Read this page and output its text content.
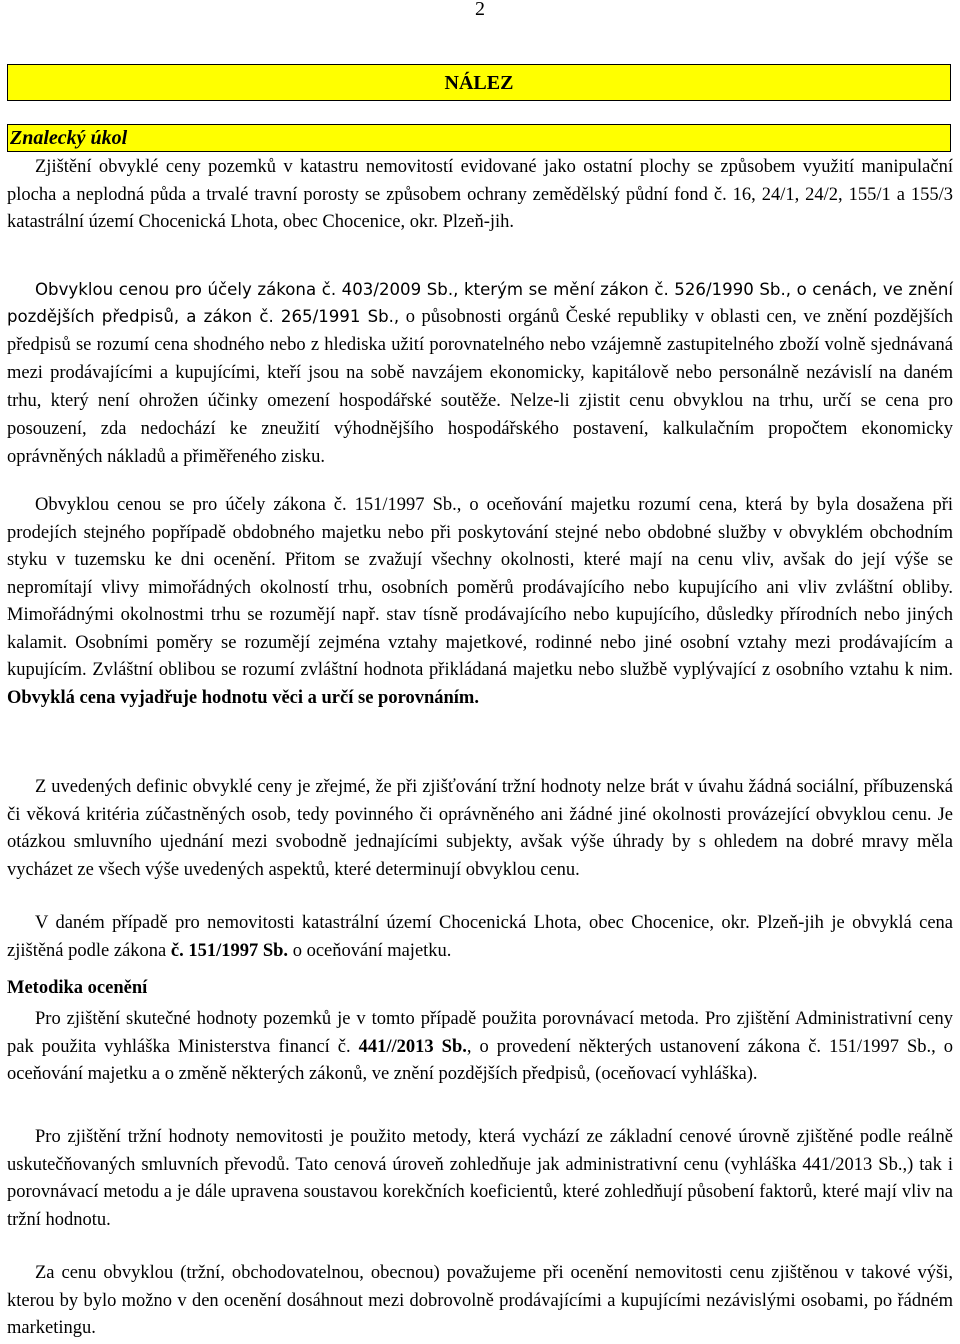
2
NÁLEZ
Znalecký úkol

Zjištění obvyklé ceny pozemků v katastru nemovitostí evidované jako ostatní plochy se způsobem využití manipulační plocha a neplodná půda a trvalé travní porosty se způsobem ochrany zemědělský půdní fond č. 16, 24/1, 24/2, 155/1 a 155/3 katastrální území Chocenická Lhota, obec Chocenice, okr. Plzeň-jih.

Obvyklou cenou pro účely zákona č. 403/2009 Sb., kterým se mění zákon č. 526/1990 Sb., o cenách, ve znění pozdějších předpisů, a zákon č. 265/1991 Sb., o působnosti orgánů České republiky v oblasti cen, ve znění pozdějších předpisů se rozumí cena shodného nebo z hlediska užití porovnatelného nebo vzájemně zastupitelného zboží volně sjednávaná mezi prodávajícími a kupujícími, kteří jsou na sobě navzájem ekonomicky, kapitálově nebo personálně nezávislí na daném trhu, který není ohrožen účinky omezení hospodářské soutěže. Nelze-li zjistit cenu obvyklou na trhu, určí se cena pro posouzení, zda nedochází ke zneužití výhodnějšího hospodářského postavení, kalkulačním propočtem ekonomicky oprávněných nákladů a přiměřeného zisku.

Obvyklou cenou se pro účely zákona č. 151/1997 Sb., o oceňování majetku rozumí cena, která by byla dosažena při prodejích stejného popřípadě obdobného majetku nebo při poskytování stejné nebo obdobné služby v obvyklém obchodním styku v tuzemsku ke dni ocenění. Přitom se zvažují všechny okolnosti, které mají na cenu vliv, avšak do její výše se nepromítají vlivy mimořádných okolností trhu, osobních poměrů prodávajícího nebo kupujícího ani vliv zvláštní obliby. Mimořádnými okolnostmi trhu se rozumějí např. stav tísně prodávajícího nebo kupujícího, důsledky přírodních nebo jiných kalamit. Osobními poměry se rozumějí zejména vztahy majetkové, rodinné nebo jiné osobní vztahy mezi prodávajícím a kupujícím. Zvláštní oblibou se rozumí zvláštní hodnota přikládaná majetku nebo službě vyplývající z osobního vztahu k nim. Obvyklá cena vyjadřuje hodnotu věci a určí se porovnáním.

Z uvedených definic obvyklé ceny je zřejmé, že při zjišťování tržní hodnoty nelze brát v úvahu žádná sociální, příbuzenská či věková kritéria zúčastněných osob, tedy povinného či oprávněného ani žádné jiné okolnosti provázející obvyklou cenu. Je otázkou smluvního ujednání mezi svobodně jednajícími subjekty, avšak výše úhrady by s ohledem na dobré mravy měla vycházet ze všech výše uvedených aspektů, které determinují obvyklou cenu.

V daném případě pro nemovitosti katastrální území Chocenická Lhota, obec Chocenice, okr. Plzeň-jih je obvyklá cena zjištěná podle zákona č. 151/1997 Sb. o oceňování majetku.

Metodika ocenění

Pro zjištění skutečné hodnoty pozemků je v tomto případě použita porovnávací metoda. Pro zjištění Administrativní ceny pak použita vyhláška Ministerstva financí č. 441//2013 Sb., o provedení některých ustanovení zákona č. 151/1997 Sb., o oceňování majetku a o změně některých zákonů, ve znění pozdějších předpisů, (oceňovací vyhláška).

Pro zjištění tržní hodnoty nemovitosti je použito metody, která vychází ze základní cenové úrovně zjištěné podle reálně uskutečňovaných smluvních převodů. Tato cenová úroveň zohledňuje jak administrativní cenu (vyhláška 441/2013 Sb.,) tak i porovnávací metodu a je dále upravena soustavou korekčních koeficientů, které zohledňují působení faktorů, které mají vliv na tržní hodnotu.

Za cenu obvyklou (tržní, obchodovatelnou, obecnou) považujeme při ocenění nemovitosti cenu zjištěnou v takové výši, kterou by bylo možno v den ocenění dosáhnout mezi dobrovolně prodávajícími a kupujícími nezávislými osobami, po řádném marketingu.
